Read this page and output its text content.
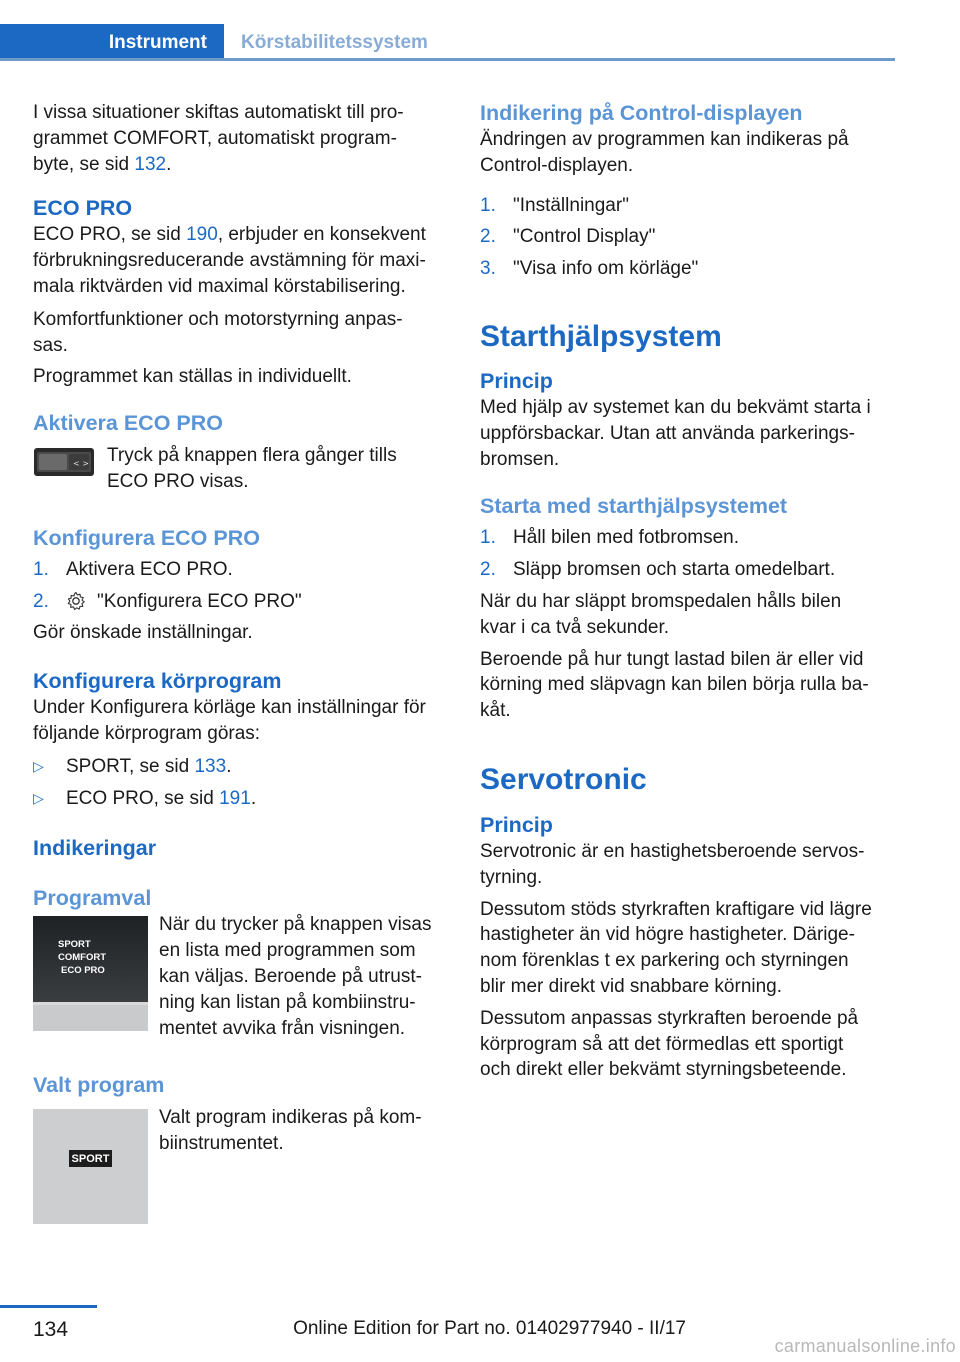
Instrument	Körstabilitetssystem

I vissa situationer skiftas automatiskt till pro‐

grammet COMFORT, automatiskt program‐

byte, se sid 132.

ECO PRO

ECO PRO, se sid 190, erbjuder en konsekvent

förbrukningsreducerande avstämning för maxi‐

mala riktvärden vid maximal körstabilisering.

Komfortfunktioner och motorstyrning anpas‐

sas.

Programmet kan ställas in individuellt.

Aktivera ECO PRO
< > Tryck på knappen flera gånger tills

ECO PRO visas.

Konfigurera ECO PRO
1. Aktivera ECO PRO.
2.	"Konfigurera ECO PRO"

Gör önskade inställningar.

Konfigurera körprogram

Under Konfigurera körläge kan inställningar för

följande körprogram göras:

▷	SPORT, se sid 133.
▷	ECO PRO, se sid 191.
Indikeringar
Programval
SPORT
COMFORT
ECO PRO

När du trycker på knappen visas

en lista med programmen som

kan väljas. Beroende på utrust‐

ning kan listan på kombiinstru‐

mentet avvika från visningen.

Valt program
SPORT

Valt program indikeras på kom‐

biinstrumentet.

Indikering på Control-displayen

Ändringen av programmen kan indikeras på

Control-displayen.

1. "Inställningar"
2. "Control Display"
3. "Visa info om körläge"
Starthjälpsystem
Princip

Med hjälp av systemet kan du bekvämt starta i

uppförsbackar. Utan att använda parkerings‐

bromsen.

Starta med starthjälpsystemet
1. Håll bilen med fotbromsen.
2. Släpp bromsen och starta omedelbart.

När du har släppt bromspedalen hålls bilen

kvar i ca två sekunder.

Beroende på hur tungt lastad bilen är eller vid

körning med släpvagn kan bilen börja rulla ba‐

kåt.

Servotronic
Princip

Servotronic är en hastighetsberoende servos‐

tyrning.

Dessutom stöds styrkraften kraftigare vid lägre

hastigheter än vid högre hastigheter. Därige‐

nom förenklas t ex parkering och styrningen

blir mer direkt vid snabbare körning.

Dessutom anpassas styrkraften beroende på

körprogram så att det förmedlas ett sportigt

och direkt eller bekvämt styrningsbeteende.

134	Online Edition for Part no. 01402977940 - II/17
carmanualsonline.info
